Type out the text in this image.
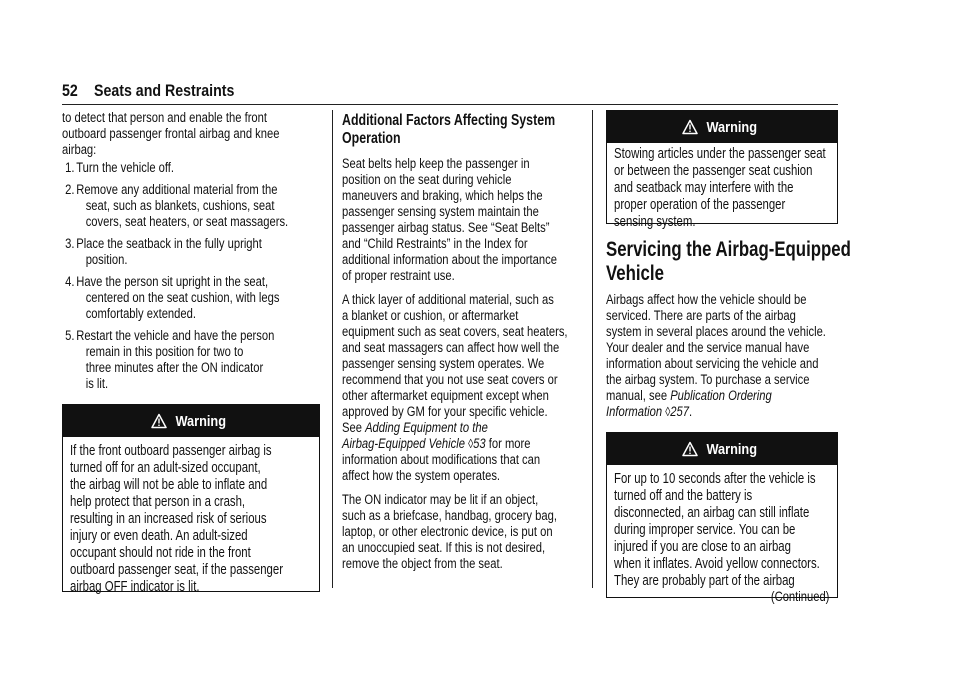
52 Seats and Restraints
to detect that person and enable the front
outboard passenger frontal airbag and knee
airbag:
1. Turn the vehicle off.
2. Remove any additional material from the
seat, such as blankets, cushions, seat
covers, seat heaters, or seat massagers.
3. Place the seatback in the fully upright
position.
4. Have the person sit upright in the seat,
centered on the seat cushion, with legs
comfortably extended.
5. Restart the vehicle and have the person
remain in this position for two to
three minutes after the ON indicator
is lit.
Warning
If the front outboard passenger airbag is
turned off for an adult-sized occupant,
the airbag will not be able to inflate and
help protect that person in a crash,
resulting in an increased risk of serious
injury or even death. An adult-sized
occupant should not ride in the front
outboard passenger seat, if the passenger
airbag OFF indicator is lit.
Additional Factors Affecting System
Operation
Seat belts help keep the passenger in
position on the seat during vehicle
maneuvers and braking, which helps the
passenger sensing system maintain the
passenger airbag status. See “Seat Belts”
and “Child Restraints” in the Index for
additional information about the importance
of proper restraint use.
A thick layer of additional material, such as
a blanket or cushion, or aftermarket
equipment such as seat covers, seat heaters,
and seat massagers can affect how well the
passenger sensing system operates. We
recommend that you not use seat covers or
other aftermarket equipment except when
approved by GM for your specific vehicle.
See Adding Equipment to the
Airbag-Equipped Vehicle ◊53 for more
information about modifications that can
affect how the system operates.
The ON indicator may be lit if an object,
such as a briefcase, handbag, grocery bag,
laptop, or other electronic device, is put on
an unoccupied seat. If this is not desired,
remove the object from the seat.
Warning
Stowing articles under the passenger seat
or between the passenger seat cushion
and seatback may interfere with the
proper operation of the passenger
sensing system.
Servicing the Airbag-Equipped
Vehicle
Airbags affect how the vehicle should be
serviced. There are parts of the airbag
system in several places around the vehicle.
Your dealer and the service manual have
information about servicing the vehicle and
the airbag system. To purchase a service
manual, see Publication Ordering
Information ◊257.
Warning
For up to 10 seconds after the vehicle is
turned off and the battery is
disconnected, an airbag can still inflate
during improper service. You can be
injured if you are close to an airbag
when it inflates. Avoid yellow connectors.
They are probably part of the airbag
(Continued)
